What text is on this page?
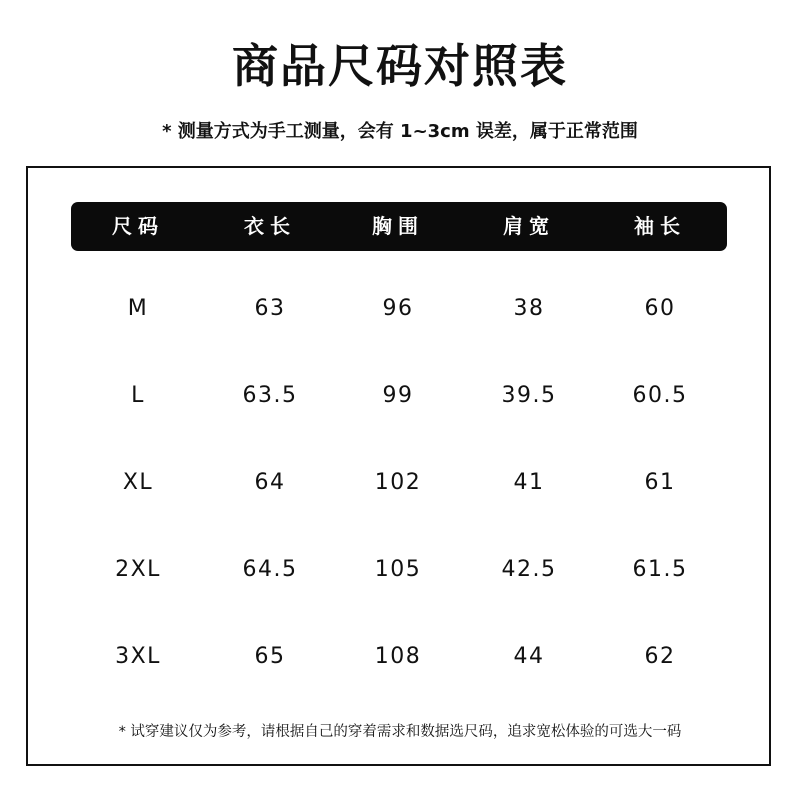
商品尺码对照表
* 测量方式为手工测量，会有 1~3cm 误差，属于正常范围
尺码	衣长	胸围	肩宽	袖长
M	63	96	38	60
L	63.5	99	39.5	60.5
XL	64	102	41	61
2XL	64.5	105	42.5	61.5
3XL	65	108	44	62
* 试穿建议仅为参考，请根据自己的穿着需求和数据选尺码，追求宽松体验的可选大一码
